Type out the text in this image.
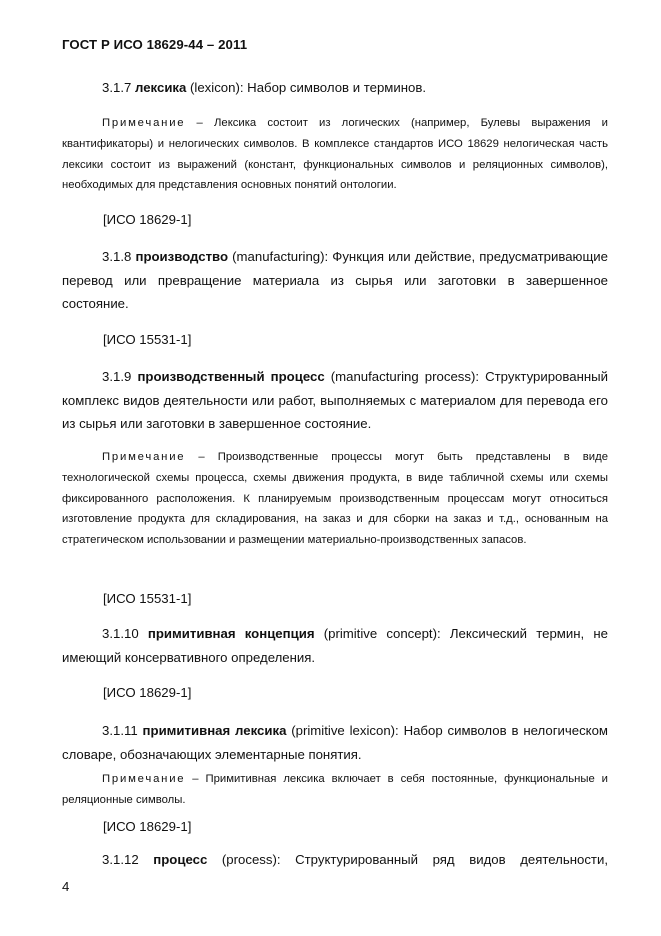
ГОСТ Р ИСО 18629-44 – 2011

3.1.7 лексика (lexicon): Набор символов и терминов.

Примечание – Лексика состоит из логических (например, Булевы выражения и квантификаторы) и нелогических символов. В комплексе стандартов ИСО 18629 нелогическая часть лексики состоит из выражений (констант, функциональных символов и реляционных символов), необходимых для представления основных понятий онтологии.

[ИСО 18629-1]

3.1.8 производство (manufacturing): Функция или действие, предусматривающие перевод или превращение материала из сырья или заготовки в завершенное состояние.

[ИСО 15531-1]

3.1.9 производственный процесс (manufacturing process): Структурированный комплекс видов деятельности или работ, выполняемых с материалом для перевода его из сырья или заготовки в завершенное состояние.

Примечание – Производственные процессы могут быть представлены в виде технологической схемы процесса, схемы движения продукта, в виде табличной схемы или схемы фиксированного расположения. К планируемым производственным процессам могут относиться изготовление продукта для складирования, на заказ и для сборки на заказ и т.д., основанным на стратегическом использовании и размещении материально-производственных запасов.

[ИСО 15531-1]

3.1.10 примитивная концепция (primitive concept): Лексический термин, не имеющий консервативного определения.

[ИСО 18629-1]

3.1.11 примитивная лексика (primitive lexicon): Набор символов в нелогическом словаре, обозначающих элементарные понятия.

Примечание – Примитивная лексика включает в себя постоянные, функциональные и реляционные символы.

[ИСО 18629-1]

3.1.12 процесс (process): Структурированный ряд видов деятельности,

4
